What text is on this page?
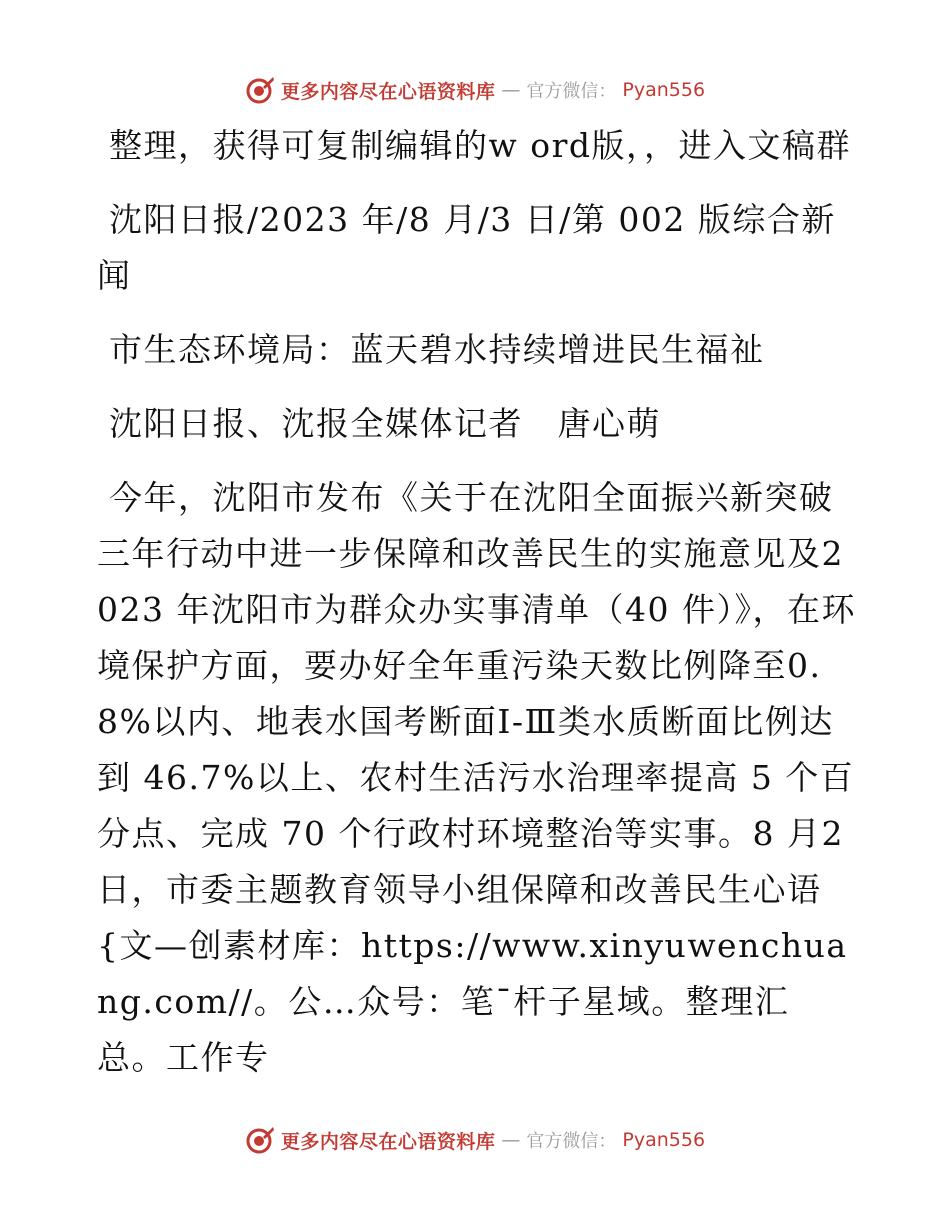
更多内容尽在心语资料库 — 官方微信： Pyan556

整理，获得可复制编辑的w ord版，，进入文稿群

沈阳日报/2023 年/8 月/3 日/第 002 版综合新闻

市生态环境局：蓝天碧水持续增进民生福祉

沈阳日报、沈报全媒体记者　唐心萌

今年，沈阳市发布《关于在沈阳全面振兴新突破三年行动中进一步保障和改善民生的实施意见及2023 年沈阳市为群众办实事清单（40 件）》，在环境保护方面，要办好全年重污染天数比例降至0.8%以内、地表水国考断面Ⅰ-Ⅲ类水质断面比例达到 46.7%以上、农村生活污水治理率提高 5 个百分点、完成 70 个行政村环境整治等实事。8 月2 日，市委主题教育领导小组保障和改善民生心语{文—创素材库：https://www.xinyuwenchuang.com//。公…众号：笔¯杆子星域。整理汇总。工作专

更多内容尽在心语资料库 — 官方微信： Pyan556
